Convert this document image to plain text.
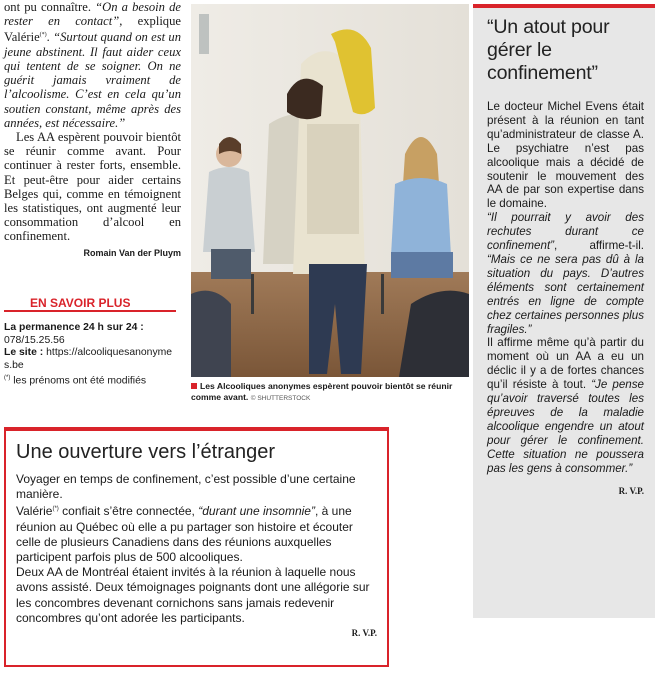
ont pu connaître. “On a besoin de rester en contact”, explique Valérie(*). “Surtout quand on est un jeune abstinent. Il faut aider ceux qui tentent de se soigner. On ne guérit jamais vraiment de l’alcoolisme. C’est en cela qu’un soutien constant, même après des années, est nécessaire.”

Les AA espèrent pouvoir bientôt se réunir comme avant. Pour continuer à rester forts, ensemble. Et peut-être pour aider certains Belges qui, comme en témoignent les statistiques, ont augmenté leur consommation d’alcool en confinement.

Romain Van der Pluym

EN SAVOIR PLUS
La permanence 24 h sur 24 :
078/15.25.56
Le site : https://alcooliquesanonymes.be
(*) les prénoms ont été modifiés	Les Alcooliques anonymes espèrent pouvoir bientôt se réunir comme avant. © SHUTTERSTOCK
“Un atout pour gérer le confinement”

Le docteur Michel Evens était présent à la réunion en tant qu’administrateur de classe A. Le psychiatre n’est pas alcoolique mais a décidé de soutenir le mouvement des AA de par son expertise dans le domaine.

“Il pourrait y avoir des rechutes durant ce confinement”, affirme-t-il. “Mais ce ne sera pas dû à la situation du pays. D’autres éléments sont certainement entrés en ligne de compte chez certaines personnes plus fragiles.”

Il affirme même qu’à partir du moment où un AA a eu un déclic il y a de fortes chances qu’il résiste à tout. “Je pense qu’avoir traversé toutes les épreuves de la maladie alcoolique engendre un atout pour gérer le confinement. Cette situation ne poussera pas les gens à consommer.”

R. V.P.

Une ouverture vers l’étranger

Voyager en temps de confinement, c’est possible d’une certaine manière.

Valérie(*) confiait s’être connectée, “durant une insomnie”, à une réunion au Québec où elle a pu partager son histoire et écouter celle de plusieurs Canadiens dans des réunions auxquelles participent parfois plus de 500 alcooliques.

Deux AA de Montréal étaient invités à la réunion à laquelle nous avons assisté. Deux témoignages poignants dont une allégorie sur les concombres devenant cornichons sans jamais redevenir concombres qu’ont adorée les participants.

R. V.P.
